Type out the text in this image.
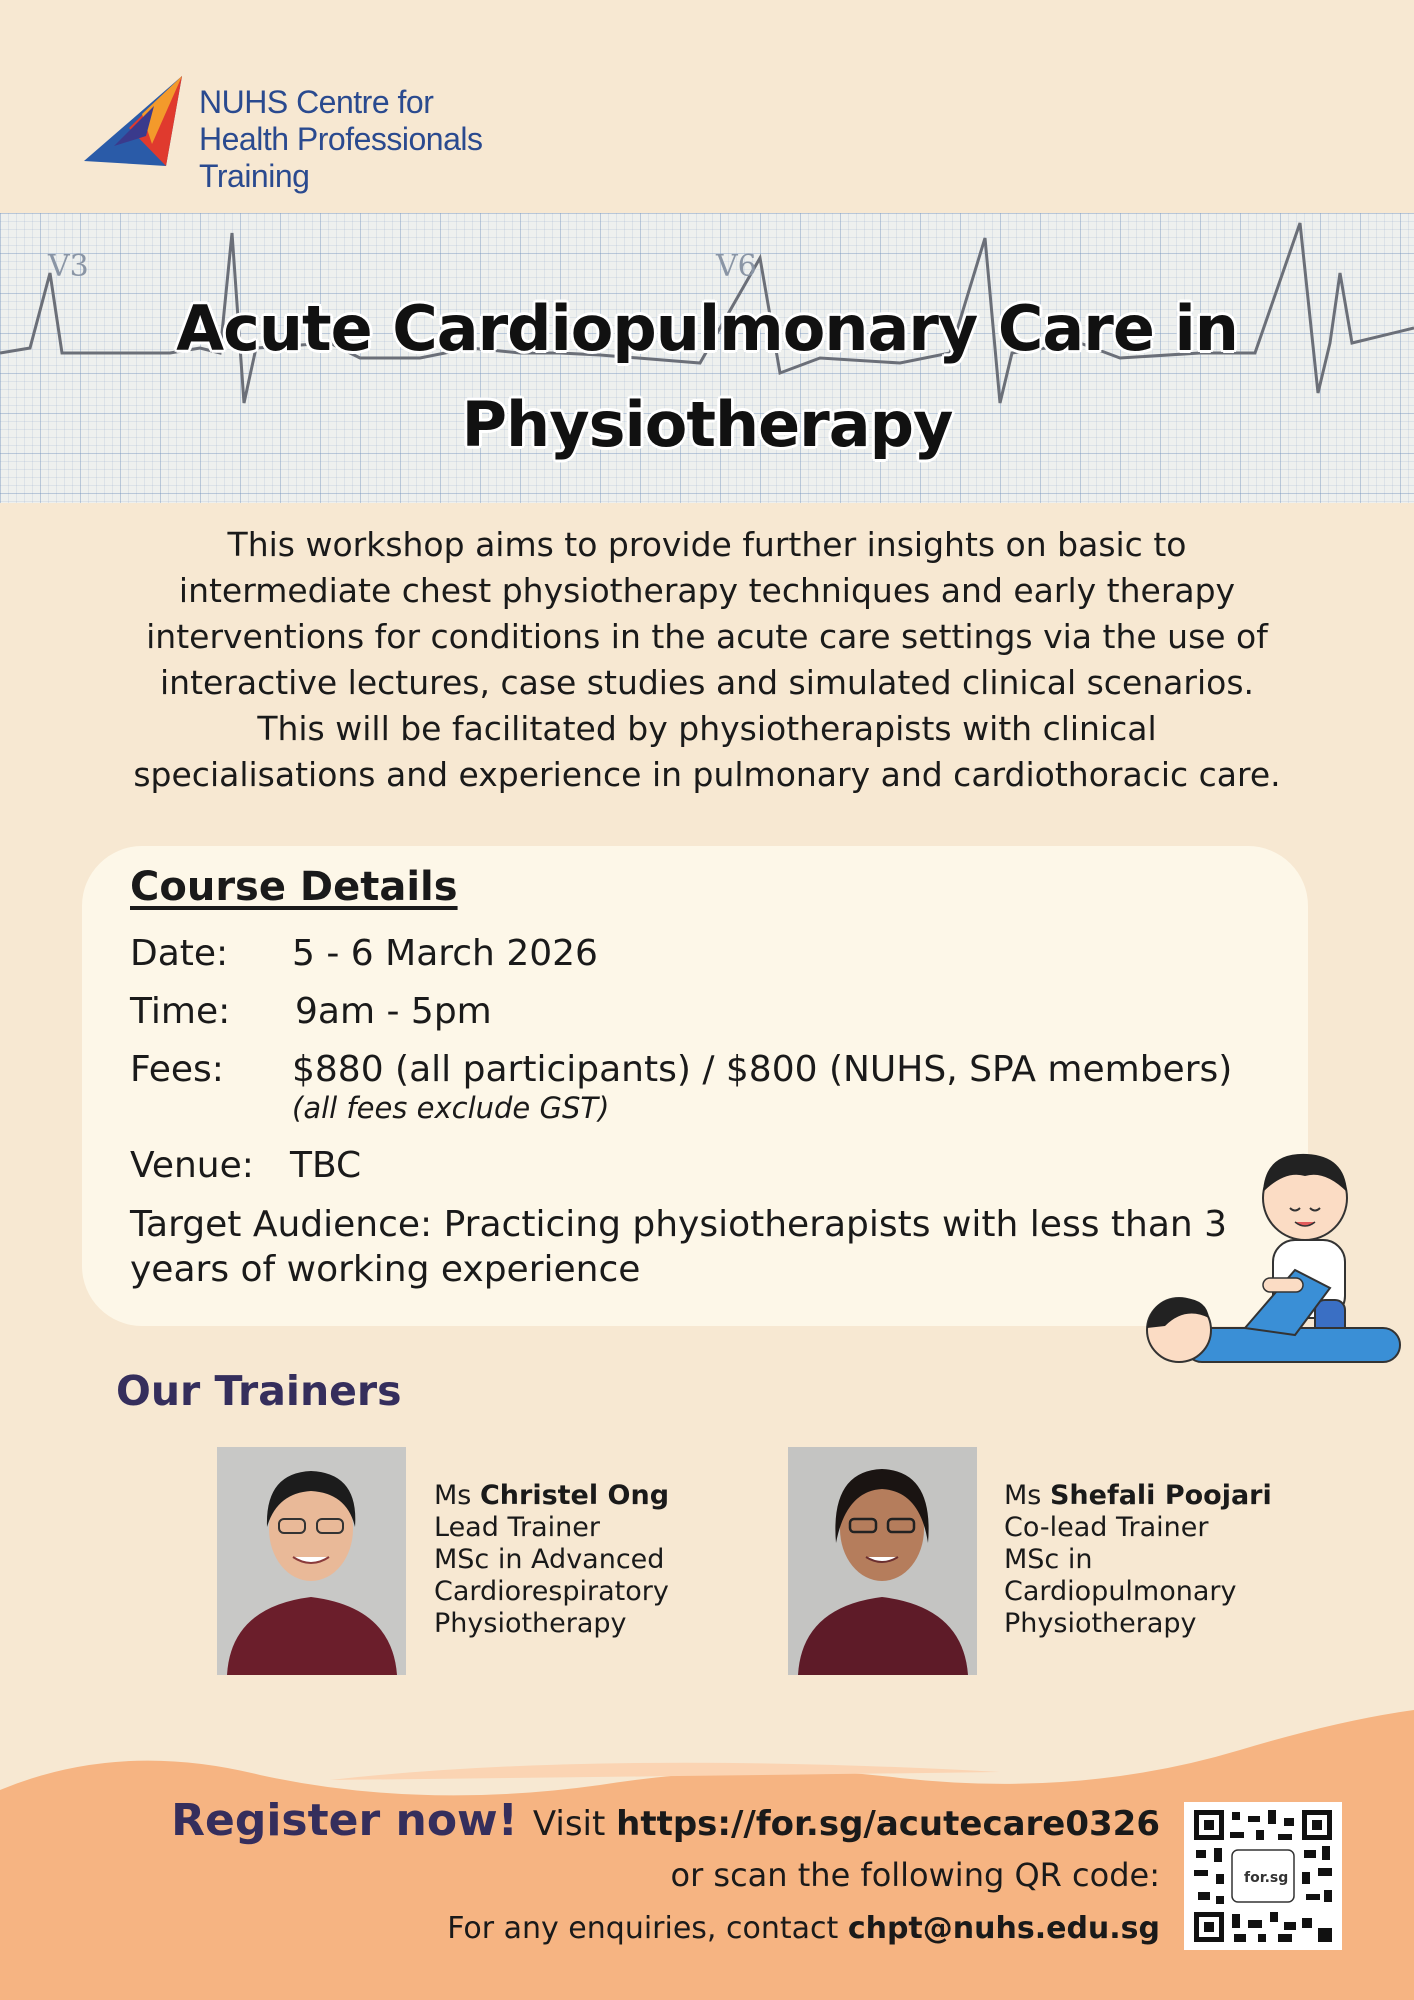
NUHS Centre for
Health Professionals
Training
V3	V6
Acute Cardiopulmonary Care in
Physiotherapy
This workshop aims to provide further insights on basic to
intermediate chest physiotherapy techniques and early therapy
interventions for conditions in the acute care settings via the use of
interactive lectures, case studies and simulated clinical scenarios.
This will be facilitated by physiotherapists with clinical
specialisations and experience in pulmonary and cardiothoracic care.
Course Details
Date: 5 - 6 March 2026
Time: 9am - 5pm
Fees: $880 (all participants) / $800 (NUHS, SPA members)
(all fees exclude GST)
Venue: TBC
Target Audience: Practicing physiotherapists with less than 3 years of working experience
Our Trainers
Ms Christel Ong
Lead Trainer
MSc in Advanced
Cardiorespiratory
Physiotherapy
Ms Shefali Poojari
Co-lead Trainer
MSc in
Cardiopulmonary
Physiotherapy
Register now! Visit https://for.sg/acutecare0326
or scan the following QR code:
For any enquiries, contact chpt@nuhs.edu.sg
for.sg
